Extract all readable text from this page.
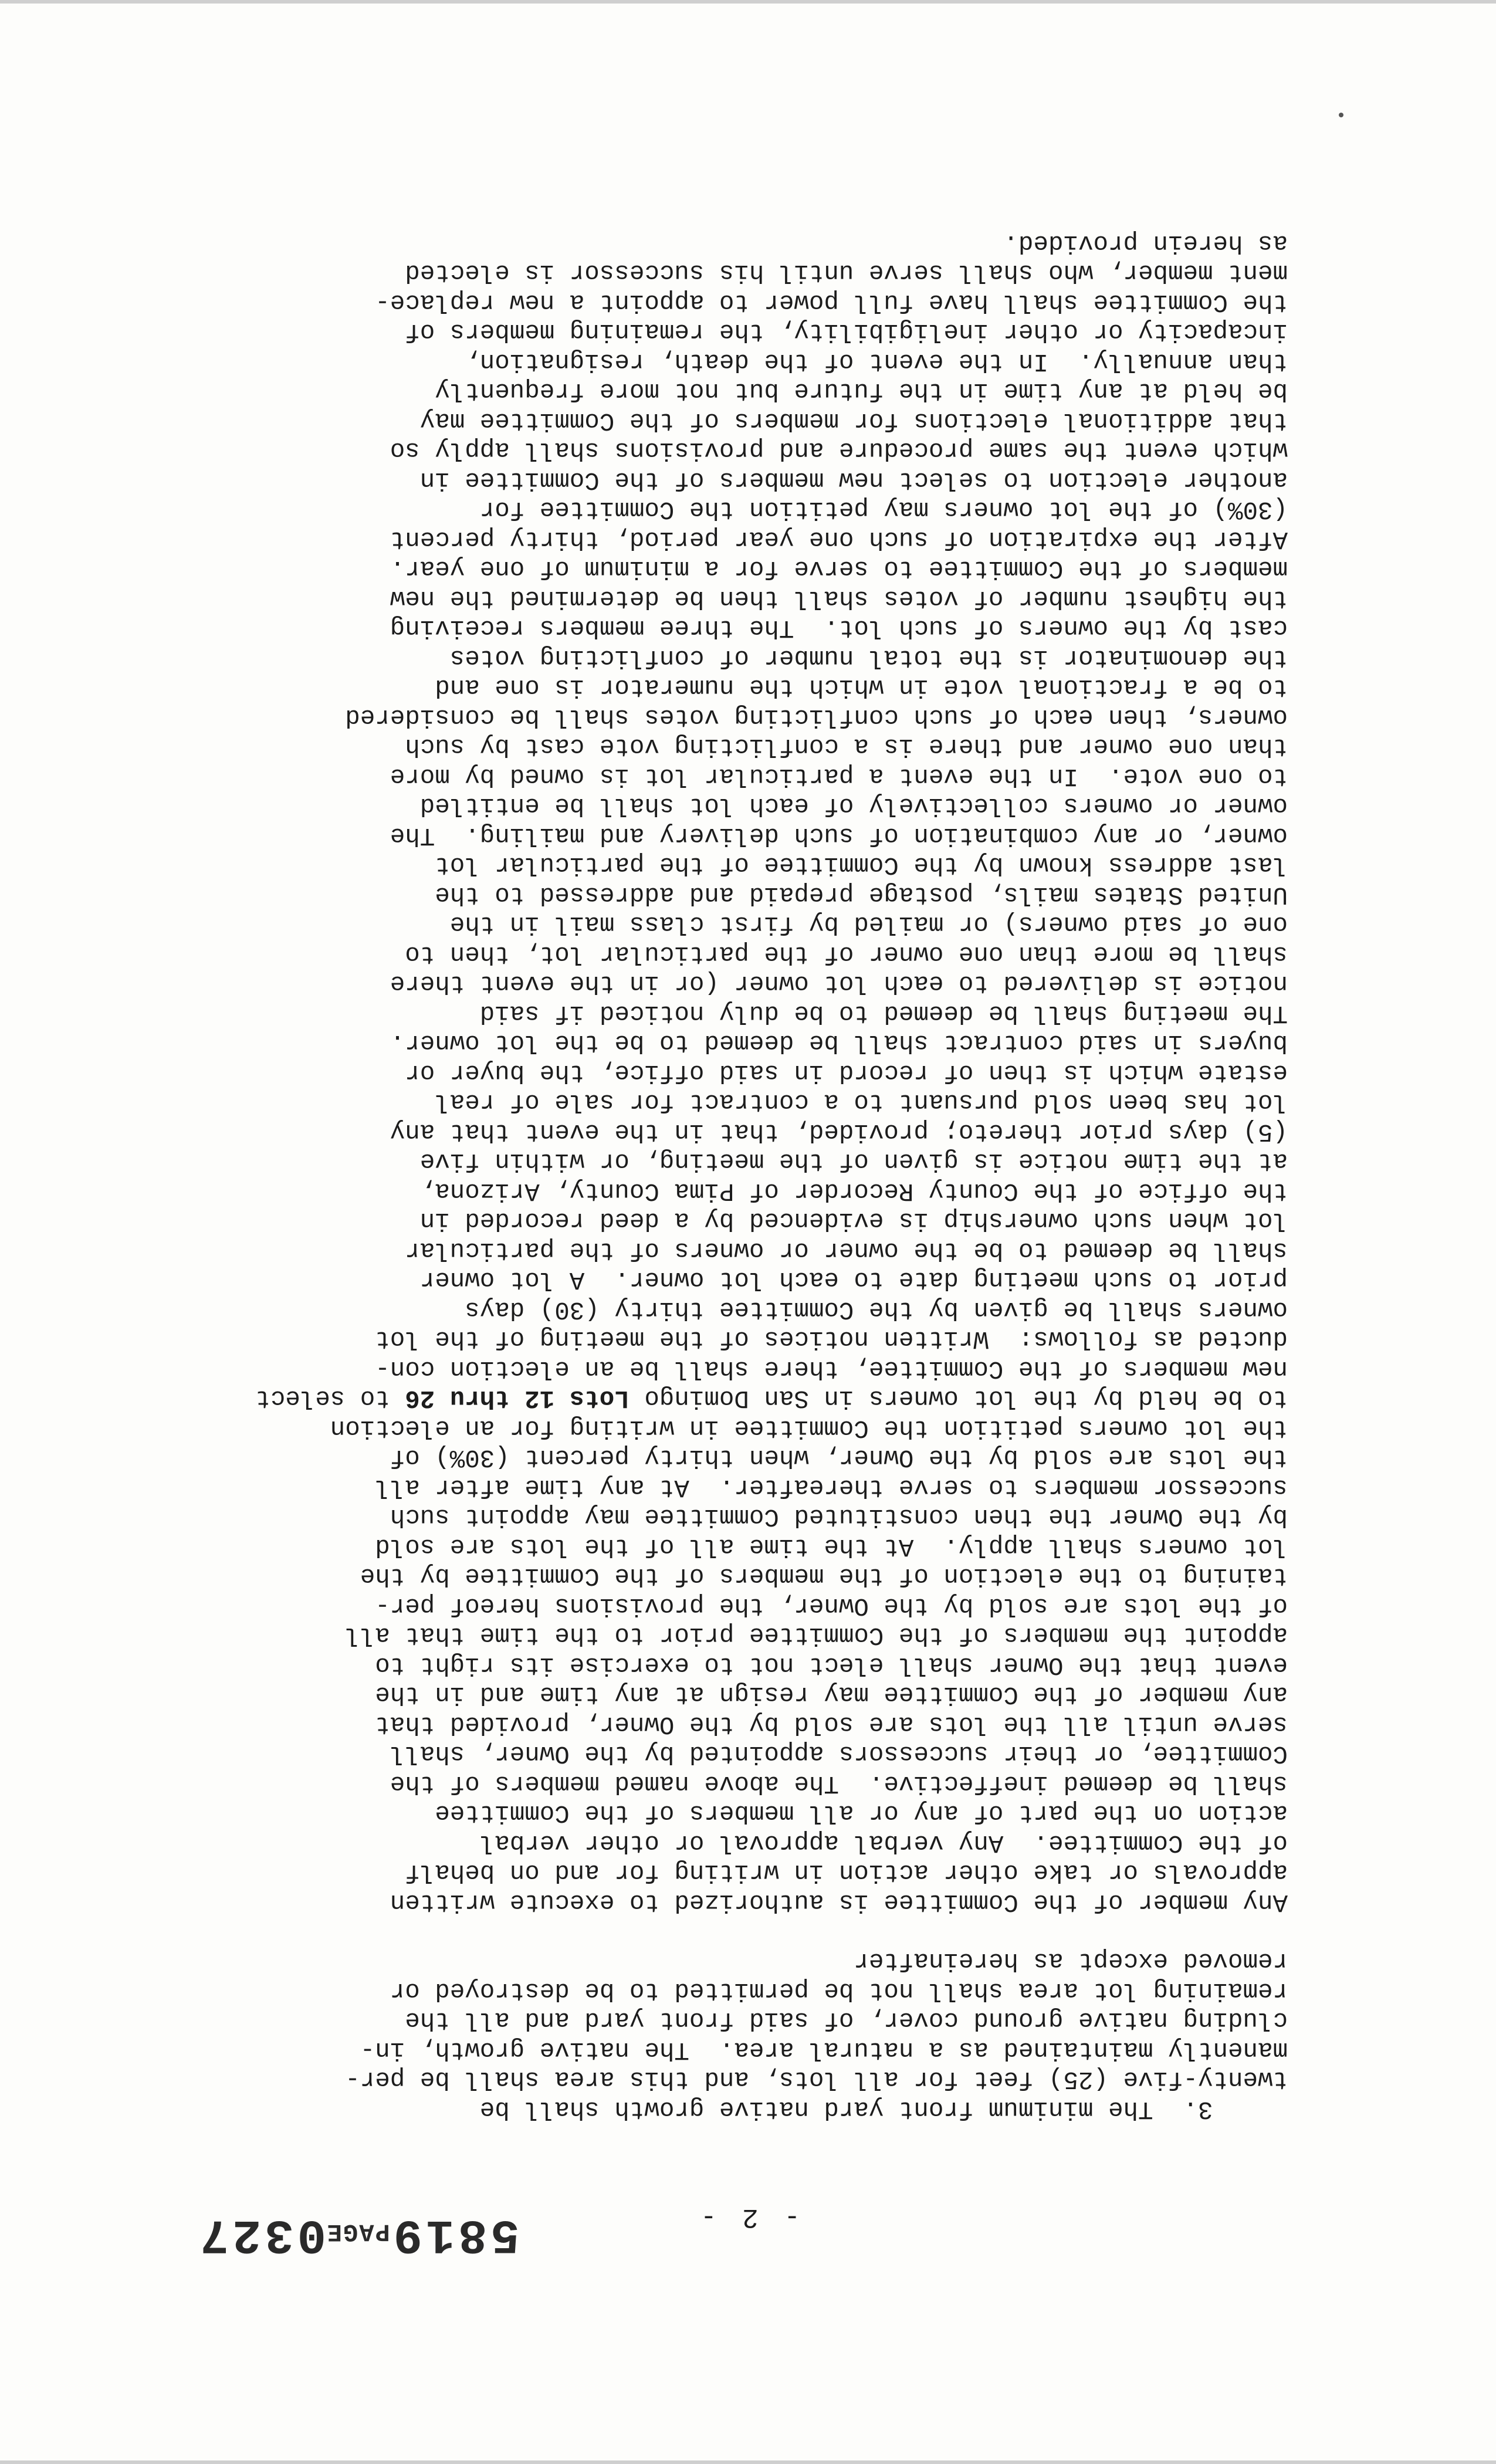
5819PAGE0327	- 2 -
3.  The minimum front yard native growth shall be
twenty-five (25) feet for all lots, and this area shall be per-
manently maintained as a natural area.  The native growth, in-
cluding native ground cover, of said front yard and all the
remaining lot area shall not be permitted to be destroyed or
removed except as hereinafter
Any member of the Committee is authorized to execute written
approvals or take other action in writing for and on behalf
of the Committee.  Any verbal approval or other verbal
action on the part of any or all members of the Committee
shall be deemed ineffective.  The above named members of the
Committee, or their successors appointed by the Owner, shall
serve until all the lots are sold by the Owner, provided that
any member of the Committee may resign at any time and in the
event that the Owner shall elect not to exercise its right to
appoint the members of the Committee prior to the time that all
of the lots are sold by the Owner, the provisions hereof per-
taining to the election of the members of the Committee by the
lot owners shall apply.  At the time all of the lots are sold
by the Owner the then constituted Committee may appoint such
successor members to serve thereafter.  At any time after all
the lots are sold by the Owner, when thirty percent (30%) of
the lot owners petition the Committee in writing for an election
to be held by the lot owners in San Domingo Lots 12 thru 26 to select
new members of the Committee, there shall be an election con-
ducted as follows:  Written notices of the meeting of the lot
owners shall be given by the Committee thirty (30) days
prior to such meeting date to each lot owner.  A lot owner
shall be deemed to be the owner or owners of the particular
lot when such ownership is evidenced by a deed recorded in
the office of the County Recorder of Pima County, Arizona,
at the time notice is given of the meeting, or within five
(5) days prior thereto; provided, that in the event that any
lot has been sold pursuant to a contract for sale of real
estate which is then of record in said office, the buyer or
buyers in said contract shall be deemed to be the lot owner.
The meeting shall be deemed to be duly noticed if said
notice is delivered to each lot owner (or in the event there
shall be more than one owner of the particular lot, then to
one of said owners) or mailed by first class mail in the
United States mails, postage prepaid and addressed to the
last address known by the Committee of the particular lot
owner, or any combination of such delivery and mailing.  The
owner or owners collectively of each lot shall be entitled
to one vote.  In the event a particular lot is owned by more
than one owner and there is a conflicting vote cast by such
owners, then each of such conflicting votes shall be considered
to be a fractional vote in which the numerator is one and
the denominator is the total number of conflicting votes
cast by the owners of such lot.  The three members receiving
the highest number of votes shall then be determined the new
members of the Committee to serve for a minimum of one year.
After the expiration of such one year period, thirty percent
(30%) of the lot owners may petition the Committee for
another election to select new members of the Committee in
which event the same procedure and provisions shall apply so
that additional elections for members of the Committee may
be held at any time in the future but not more frequently
than annually.  In the event of the death, resignation,
incapacity or other ineligibility, the remaining members of
the Committee shall have full power to appoint a new replace-
ment member, who shall serve until his successor is elected
as herein provided.
